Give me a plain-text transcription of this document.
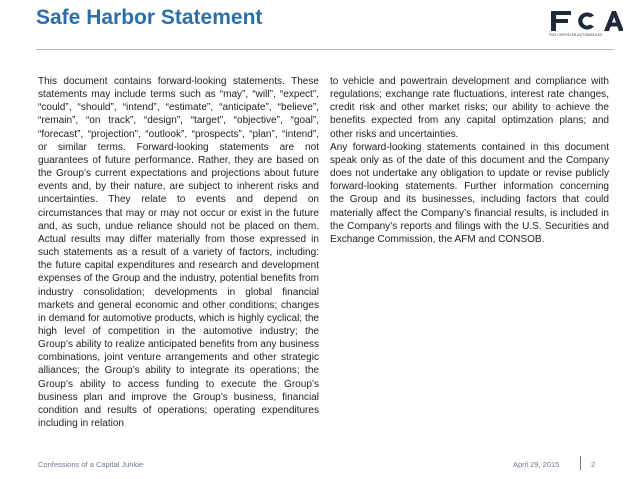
Safe Harbor Statement
FIAT CHRYSLER AUTOMOBILES

This document contains forward-looking statements. These statements may include terms such as “may”, “will”, “expect”, “could”, “should”, “intend”, “estimate”, “anticipate”, “believe”, “remain”, “on track”, “design”, “target”, “objective”, “goal”, “forecast”, “projection”, “outlook”, “prospects”, “plan”, “intend”, or similar terms. Forward-looking statements are not guarantees of future performance. Rather, they are based on the Group’s current expectations and projections about future events and, by their nature, are subject to inherent risks and uncertainties. They relate to events and depend on circumstances that may or may not occur or exist in the future and, as such, undue reliance should not be placed on them. Actual results may differ materially from those expressed in such statements as a result of a variety of factors, including: the future capital expenditures and research and development expenses of the Group and the industry, potential benefits from industry consolidation; developments in global financial markets and general economic and other conditions; changes in demand for automotive products, which is highly cyclical; the high level of competition in the automotive industry; the Group’s ability to realize anticipated benefits from any business combinations, joint venture arrangements and other strategic alliances; the Group’s ability to integrate its operations; the Group’s ability to access funding to execute the Group’s business plan and improve the Group’s business, financial condition and results of operations; operating expenditures including in relation

to vehicle and powertrain development and compliance with regulations; exchange rate fluctuations, interest rate changes, credit risk and other market risks; our ability to achieve the benefits expected from any capital optimzation plans; and other risks and uncertainties.

Any forward-looking statements contained in this document speak only as of the date of this document and the Company does not undertake any obligation to update or revise publicly forward-looking statements. Further information concerning the Group and its businesses, including factors that could materially affect the Company’s financial results, is included in the Company’s reports and filings with the U.S. Securities and Exchange Commission, the AFM and CONSOB.

Confessions of a Capital Junkie	April 29, 2015	2
